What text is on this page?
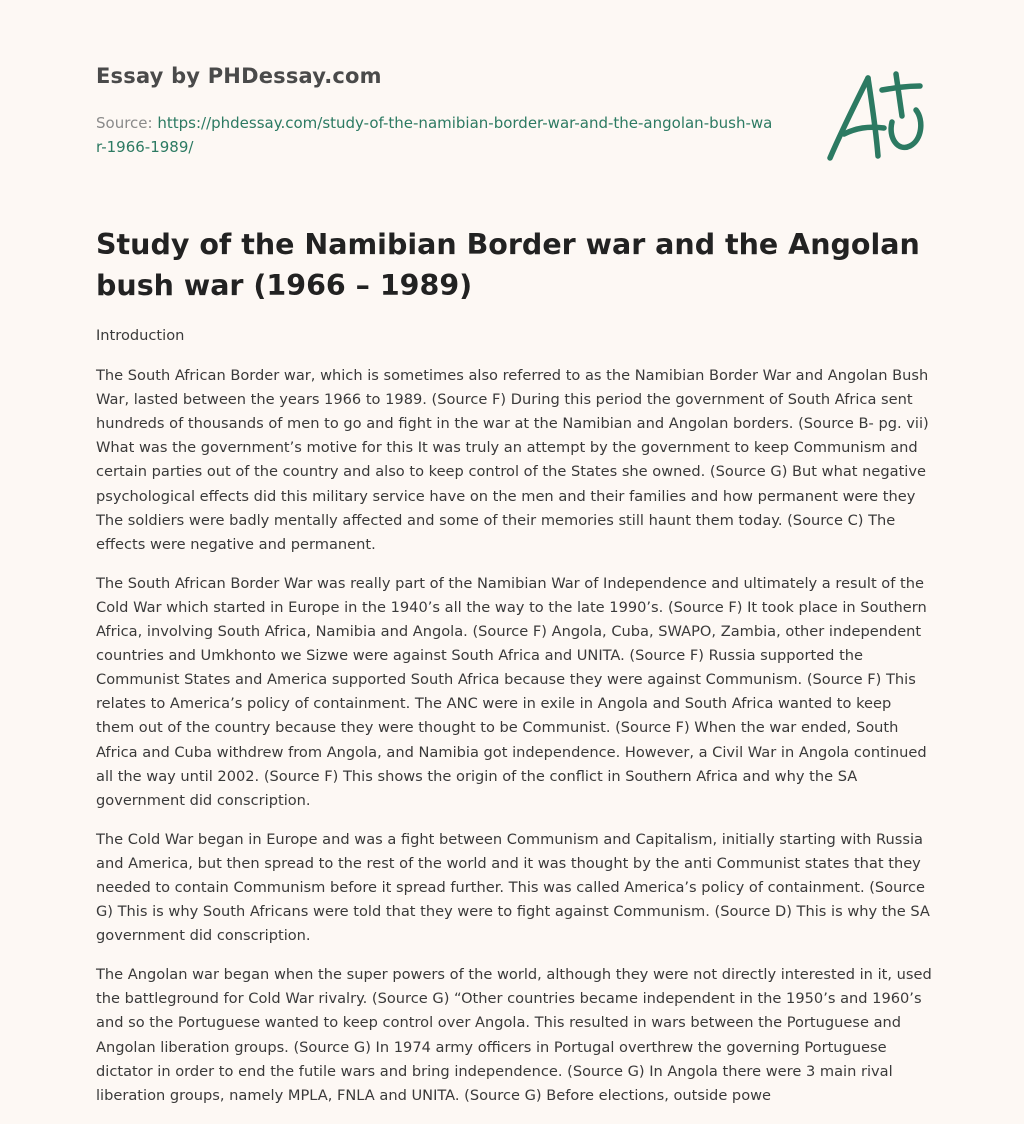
Essay by PHDessay.com
Source: https://phdessay.com/study-of-the-namibian-border-war-and-the-angolan-bush-war-1966-1989/
Study of the Namibian Border war and the Angolan bush war (1966 – 1989)

Introduction

The South African Border war, which is sometimes also referred to as the Namibian Border War and Angolan Bush War, lasted between the years 1966 to 1989. (Source F) During this period the government of South Africa sent hundreds of thousands of men to go and fight in the war at the Namibian and Angolan borders. (Source B- pg. vii) What was the government’s motive for this It was truly an attempt by the government to keep Communism and certain parties out of the country and also to keep control of the States she owned. (Source G) But what negative psychological effects did this military service have on the men and their families and how permanent were they The soldiers were badly mentally affected and some of their memories still haunt them today. (Source C) The effects were negative and permanent.

The South African Border War was really part of the Namibian War of Independence and ultimately a result of the Cold War which started in Europe in the 1940’s all the way to the late 1990’s. (Source F) It took place in Southern Africa, involving South Africa, Namibia and Angola. (Source F) Angola, Cuba, SWAPO, Zambia, other independent countries and Umkhonto we Sizwe were against South Africa and UNITA. (Source F) Russia supported the Communist States and America supported South Africa because they were against Communism. (Source F) This relates to America’s policy of containment. The ANC were in exile in Angola and South Africa wanted to keep them out of the country because they were thought to be Communist. (Source F) When the war ended, South Africa and Cuba withdrew from Angola, and Namibia got independence. However, a Civil War in Angola continued all the way until 2002. (Source F) This shows the origin of the conflict in Southern Africa and why the SA government did conscription.

The Cold War began in Europe and was a fight between Communism and Capitalism, initially starting with Russia and America, but then spread to the rest of the world and it was thought by the anti Communist states that they needed to contain Communism before it spread further. This was called America’s policy of containment. (Source G) This is why South Africans were told that they were to fight against Communism. (Source D) This is why the SA government did conscription.

The Angolan war began when the super powers of the world, although they were not directly interested in it, used the battleground for Cold War rivalry. (Source G) “Other countries became independent in the 1950’s and 1960’s and so the Portuguese wanted to keep control over Angola. This resulted in wars between the Portuguese and Angolan liberation groups. (Source G) In 1974 army officers in Portugal overthrew the governing Portuguese dictator in order to end the futile wars and bring independence. (Source G) In Angola there were 3 main rival liberation groups, namely MPLA, FNLA and UNITA. (Source G) Before elections, outside powe
